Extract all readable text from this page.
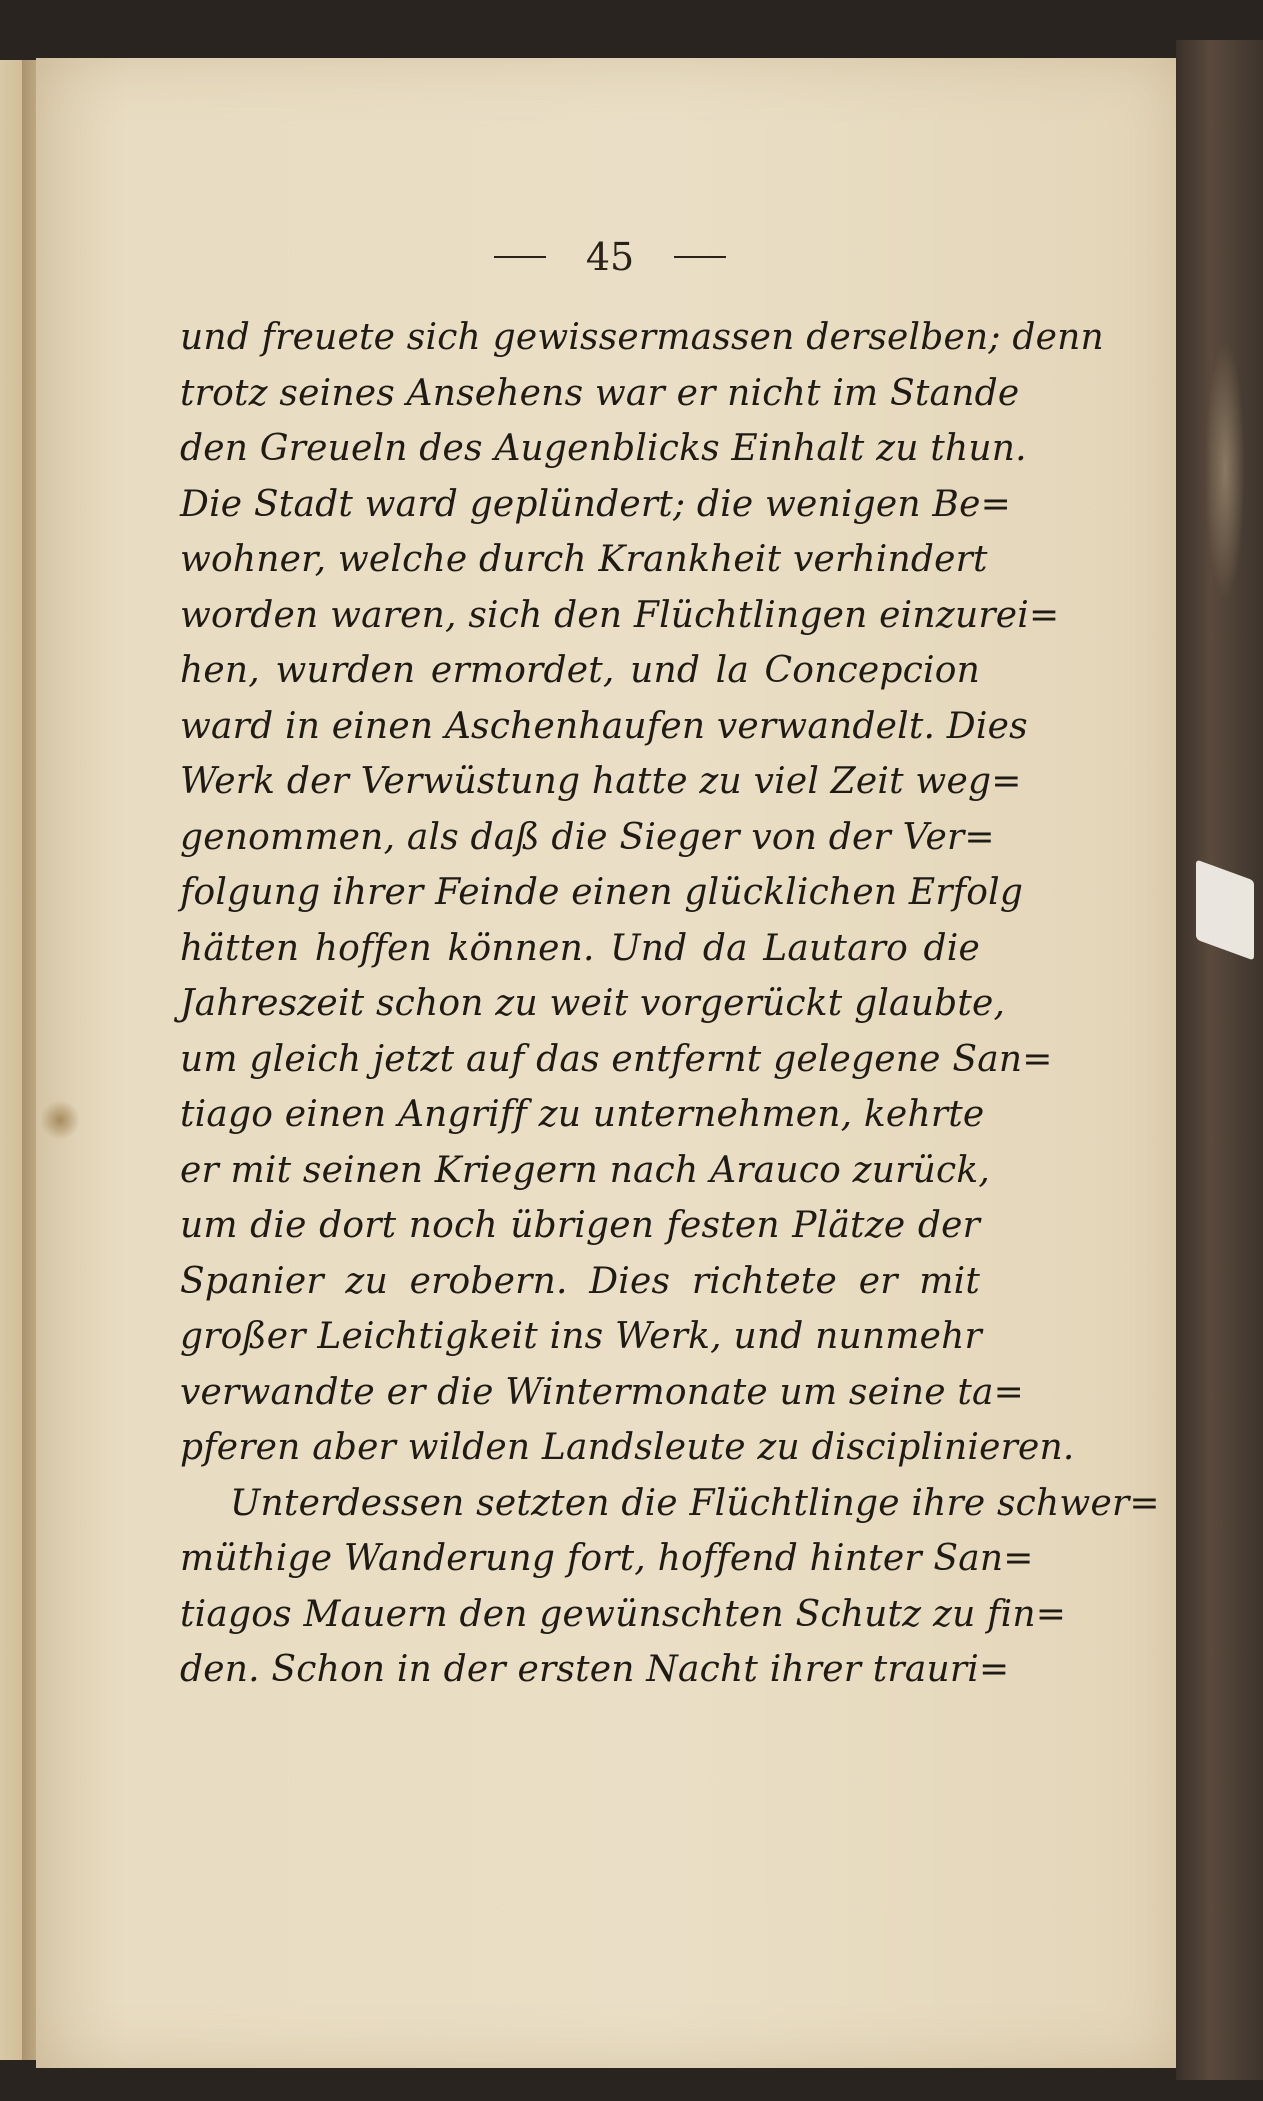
45
und freuete sich gewissermassen derselben; denn
trotz seines Ansehens war er nicht im Stande
den Greueln des Augenblicks Einhalt zu thun.
Die Stadt ward geplündert; die wenigen Be=
wohner, welche durch Krankheit verhindert
worden waren, sich den Flüchtlingen einzurei=
hen, wurden ermordet, und la Concepcion
ward in einen Aschenhaufen verwandelt. Dies
Werk der Verwüstung hatte zu viel Zeit weg=
genommen, als daß die Sieger von der Ver=
folgung ihrer Feinde einen glücklichen Erfolg
hätten hoffen können. Und da Lautaro die
Jahreszeit schon zu weit vorgerückt glaubte,
um gleich jetzt auf das entfernt gelegene San=
tiago einen Angriff zu unternehmen, kehrte
er mit seinen Kriegern nach Arauco zurück,
um die dort noch übrigen festen Plätze der
Spanier zu erobern. Dies richtete er mit
großer Leichtigkeit ins Werk, und nunmehr
verwandte er die Wintermonate um seine ta=
pferen aber wilden Landsleute zu disciplinieren.
Unterdessen setzten die Flüchtlinge ihre schwer=
müthige Wanderung fort, hoffend hinter San=
tiagos Mauern den gewünschten Schutz zu fin=
den. Schon in der ersten Nacht ihrer trauri=
